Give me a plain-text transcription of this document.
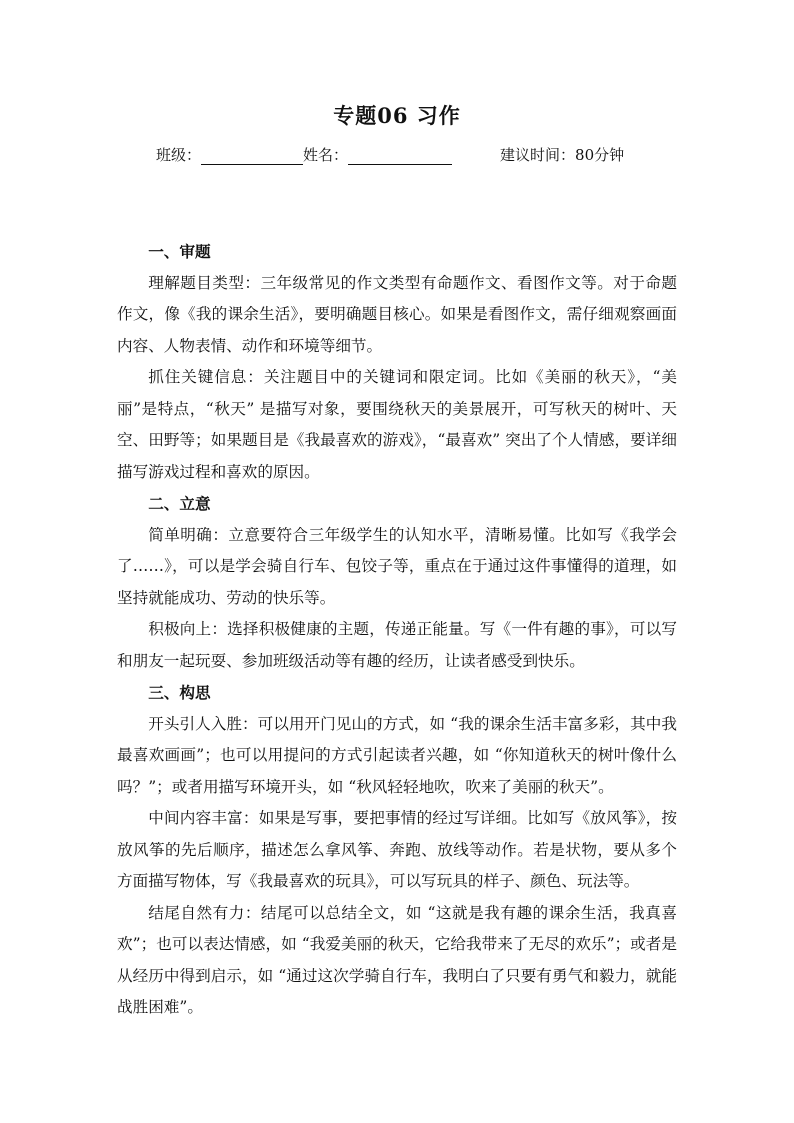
专题06 习作
班级：	姓名：	建议时间：80分钟
一、审题

理解题目类型：三年级常见的作文类型有命题作文、看图作文等。对于命题作文，像《我的课余生活》，要明确题目核心。如果是看图作文，需仔细观察画面内容、人物表情、动作和环境等细节。

抓住关键信息：关注题目中的关键词和限定词。比如《美丽的秋天》，“美丽”是特点，“秋天” 是描写对象，要围绕秋天的美景展开，可写秋天的树叶、天空、田野等；如果题目是《我最喜欢的游戏》，“最喜欢” 突出了个人情感，要详细描写游戏过程和喜欢的原因。

二、立意

简单明确：立意要符合三年级学生的认知水平，清晰易懂。比如写《我学会了……》，可以是学会骑自行车、包饺子等，重点在于通过这件事懂得的道理，如坚持就能成功、劳动的快乐等。

积极向上：选择积极健康的主题，传递正能量。写《一件有趣的事》，可以写和朋友一起玩耍、参加班级活动等有趣的经历，让读者感受到快乐。

三、构思

开头引人入胜：可以用开门见山的方式，如 “我的课余生活丰富多彩，其中我最喜欢画画”；也可以用提问的方式引起读者兴趣，如 “你知道秋天的树叶像什么吗？”；或者用描写环境开头，如 “秋风轻轻地吹，吹来了美丽的秋天”。

中间内容丰富：如果是写事，要把事情的经过写详细。比如写《放风筝》，按放风筝的先后顺序，描述怎么拿风筝、奔跑、放线等动作。若是状物，要从多个方面描写物体，写《我最喜欢的玩具》，可以写玩具的样子、颜色、玩法等。

结尾自然有力：结尾可以总结全文，如 “这就是我有趣的课余生活，我真喜欢”；也可以表达情感，如 “我爱美丽的秋天，它给我带来了无尽的欢乐”；或者是从经历中得到启示，如 “通过这次学骑自行车，我明白了只要有勇气和毅力，就能战胜困难”。
